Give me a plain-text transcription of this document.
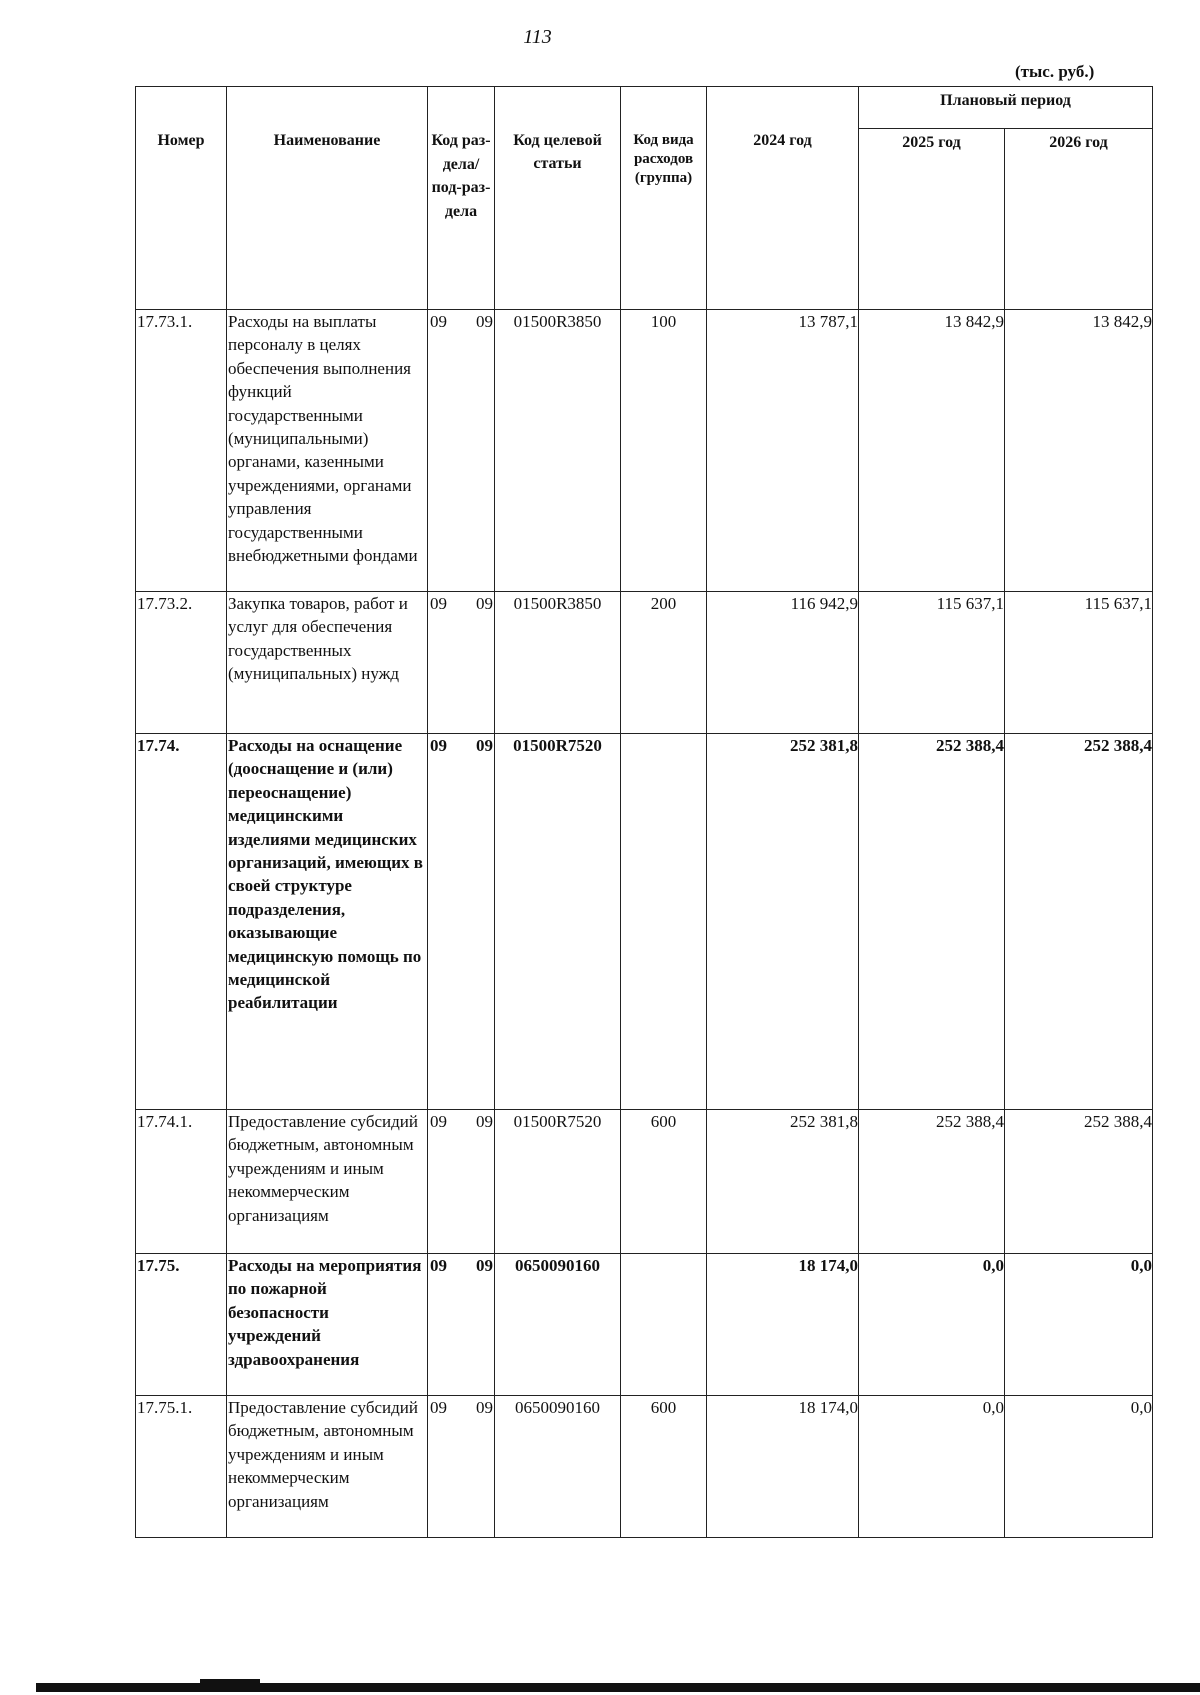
113
(тыс. руб.)
Номер	Наименование	Код раз-дела/ под-раз-дела	Код целевой статьи	Код вида расходов (группа)	2024 год	Плановый период	
						2025 год	2026 год
17.73.1.	Расходы на выплаты персоналу в целях обеспечения выполнения функций государственными (муниципальными) органами, казенными учреждениями, органами управления государственными внебюджетными фондами	09 09	01500R3850	100	13 787,1	13 842,9	13 842,9
17.73.2.	Закупка товаров, работ и услуг для обеспечения государственных (муниципальных) нужд	09 09	01500R3850	200	116 942,9	115 637,1	115 637,1
17.74.	Расходы на оснащение (дооснащение и (или) переоснащение) медицинскими изделиями медицинских организаций, имеющих в своей структуре подразделения, оказывающие медицинскую помощь по медицинской реабилитации	09 09	01500R7520		252 381,8	252 388,4	252 388,4
17.74.1.	Предоставление субсидий бюджетным, автономным учреждениям и иным некоммерческим организациям	09 09	01500R7520	600	252 381,8	252 388,4	252 388,4
17.75.	Расходы на мероприятия по пожарной безопасности учреждений здравоохранения	09 09	0650090160		18 174,0	0,0	0,0
17.75.1.	Предоставление субсидий бюджетным, автономным учреждениям и иным некоммерческим организациям	09 09	0650090160	600	18 174,0	0,0	0,0
